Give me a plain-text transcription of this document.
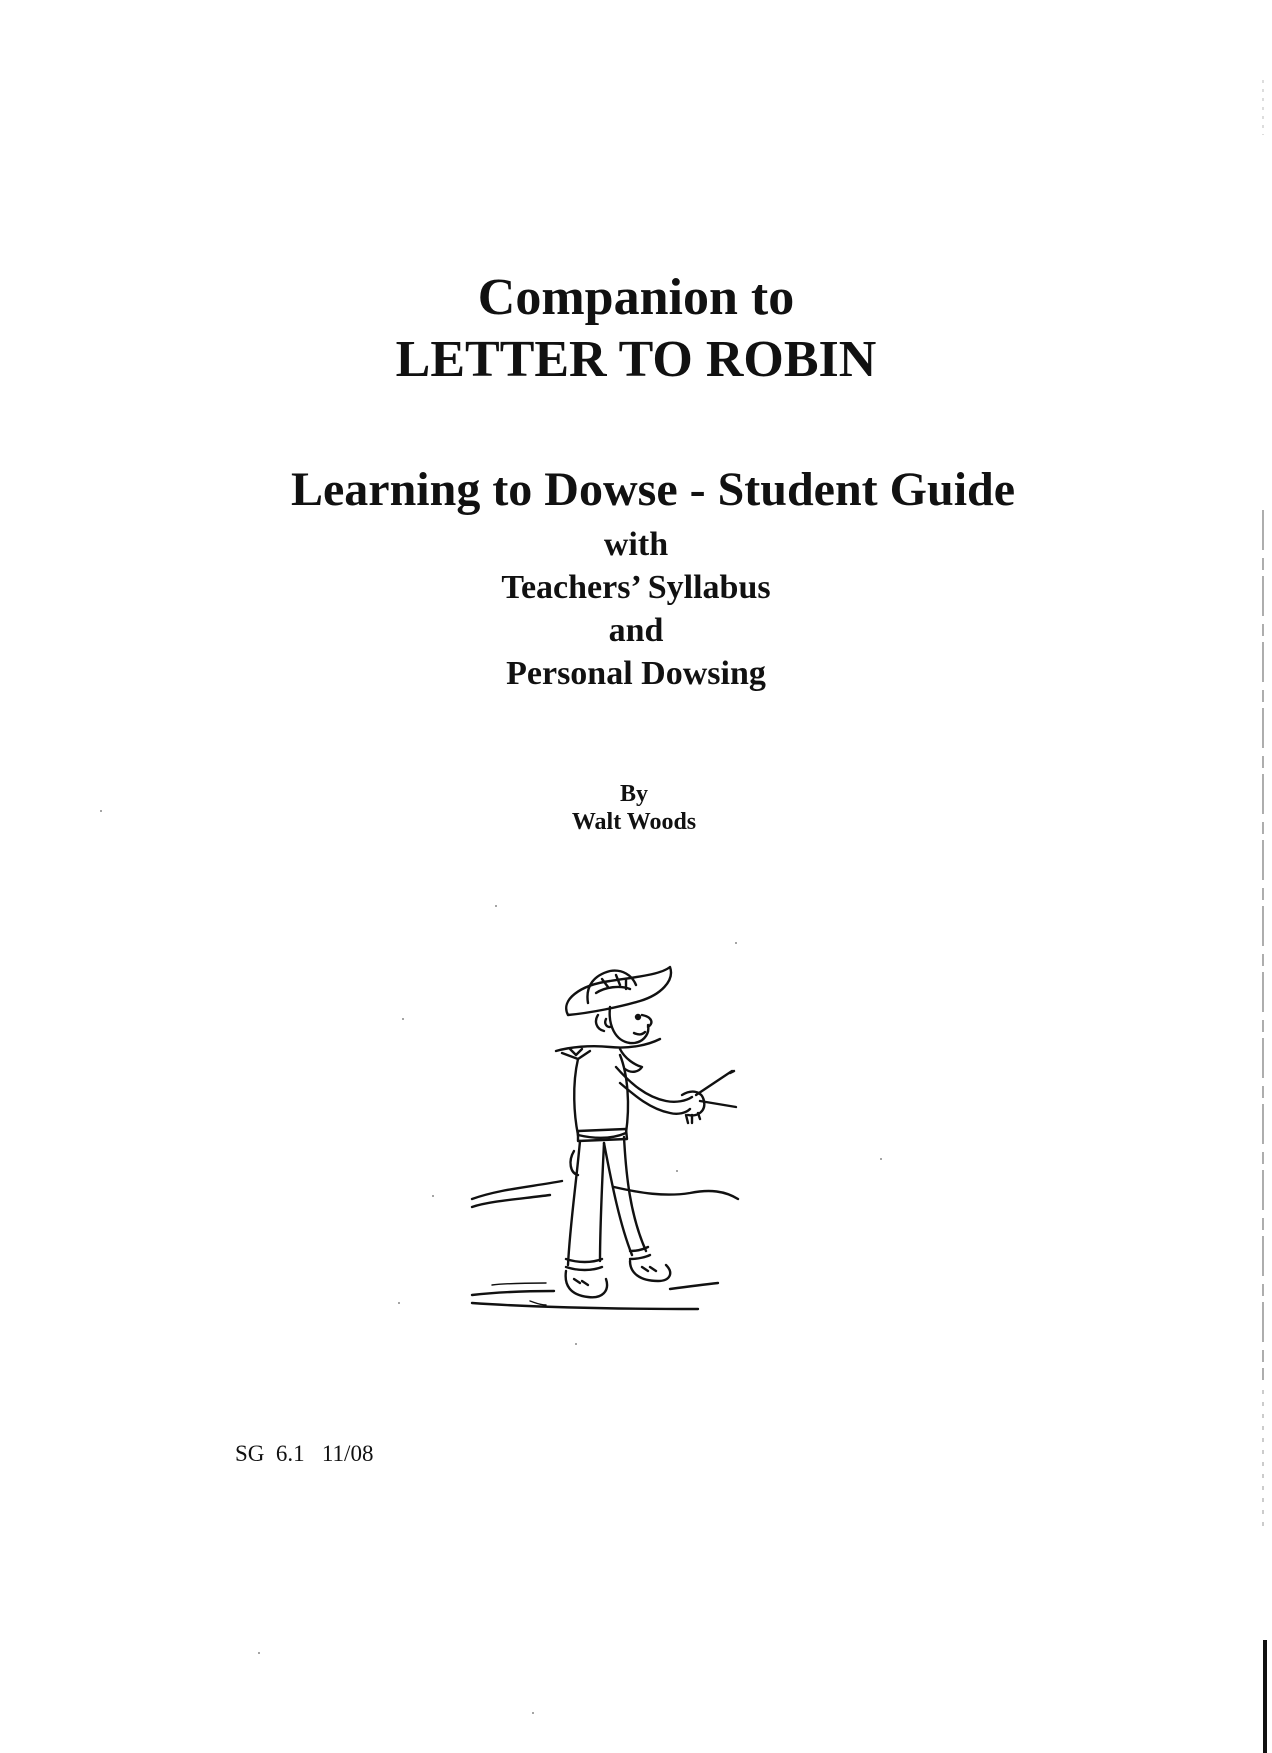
Companion to
LETTER TO ROBIN
Learning to Dowse - Student Guide
with
Teachers’ Syllabus
and
Personal Dowsing
By
Walt Woods
SG  6.1   11/08
